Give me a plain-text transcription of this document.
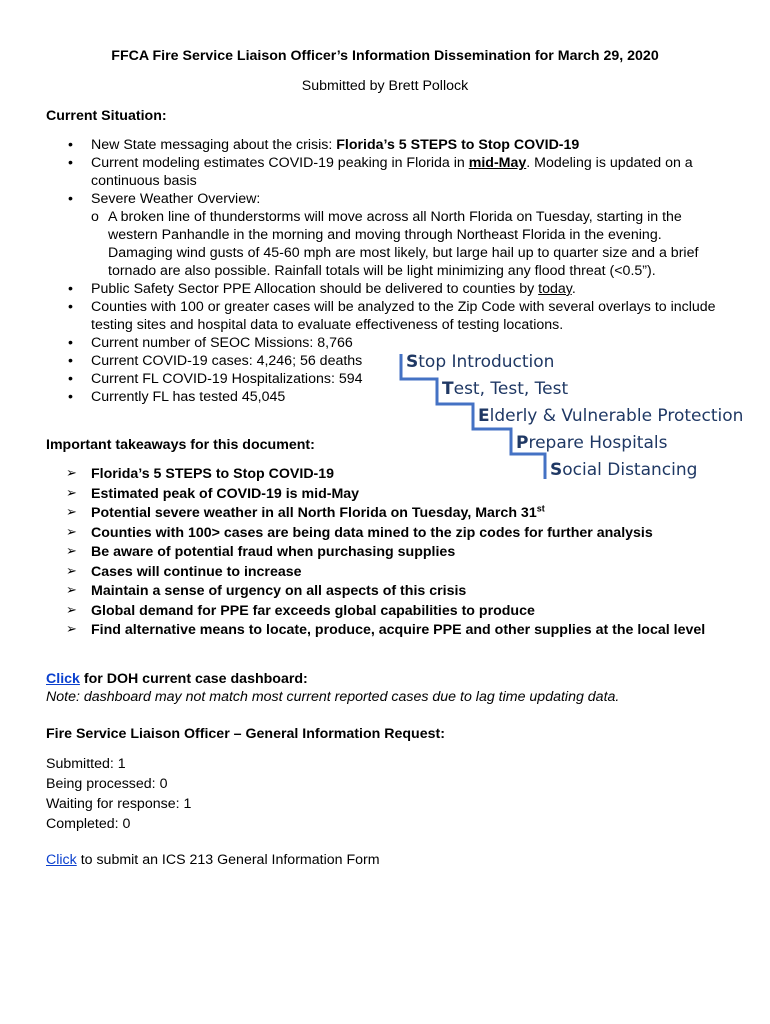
FFCA Fire Service Liaison Officer’s Information Dissemination for March 29, 2020
Submitted by Brett Pollock
Current Situation:
• New State messaging about the crisis: Florida’s 5 STEPS to Stop COVID-19
• Current modeling estimates COVID-19 peaking in Florida in mid-May. Modeling is updated on a continuous basis
• Severe Weather Overview:
o A broken line of thunderstorms will move across all North Florida on Tuesday, starting in the western Panhandle in the morning and moving through Northeast Florida in the evening. Damaging wind gusts of 45-60 mph are most likely, but large hail up to quarter size and a brief tornado are also possible. Rainfall totals will be light minimizing any flood threat (<0.5”).
• Public Safety Sector PPE Allocation should be delivered to counties by today.
• Counties with 100 or greater cases will be analyzed to the Zip Code with several overlays to include testing sites and hospital data to evaluate effectiveness of testing locations.
• Current number of SEOC Missions: 8,766
• Current COVID-19 cases: 4,246; 56 deaths
• Current FL COVID-19 Hospitalizations: 594
• Currently FL has tested 45,045
Stop Introduction
Test, Test, Test
Elderly & Vulnerable Protection
Prepare Hospitals
Social Distancing
Important takeaways for this document:
➢ Florida’s 5 STEPS to Stop COVID-19
➢ Estimated peak of COVID-19 is mid-May
➢ Potential severe weather in all North Florida on Tuesday, March 31st
➢ Counties with 100> cases are being data mined to the zip codes for further analysis
➢ Be aware of potential fraud when purchasing supplies
➢ Cases will continue to increase
➢ Maintain a sense of urgency on all aspects of this crisis
➢ Global demand for PPE far exceeds global capabilities to produce
➢ Find alternative means to locate, produce, acquire PPE and other supplies at the local level
Click for DOH current case dashboard:
Note: dashboard may not match most current reported cases due to lag time updating data.
Fire Service Liaison Officer – General Information Request:
Submitted: 1
Being processed: 0
Waiting for response: 1
Completed: 0
Click to submit an ICS 213 General Information Form
